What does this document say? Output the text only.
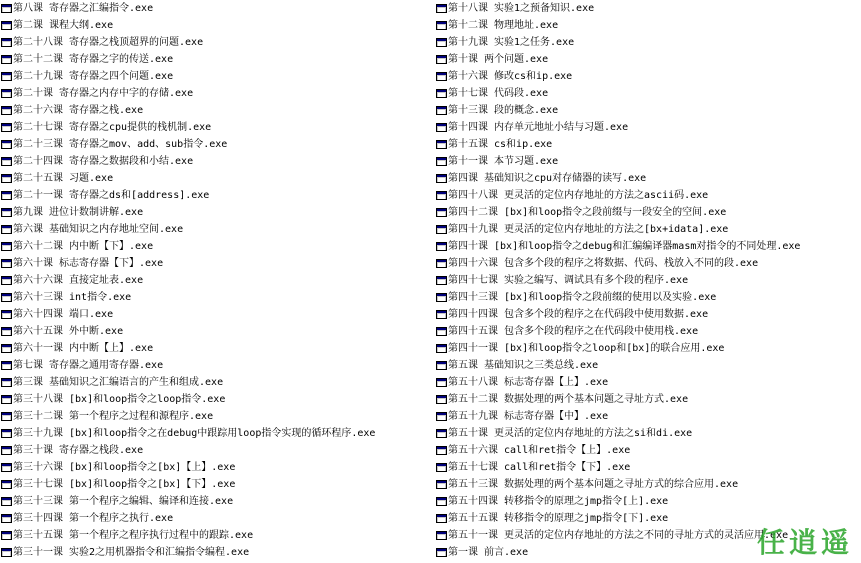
第八课 寄存器之汇编指令.exe
第二课 课程大纲.exe
第二十八课 寄存器之栈顶超界的问题.exe
第二十二课 寄存器之字的传送.exe
第二十九课 寄存器之四个问题.exe
第二十课 寄存器之内存中字的存储.exe
第二十六课 寄存器之栈.exe
第二十七课 寄存器之cpu提供的栈机制.exe
第二十三课 寄存器之mov、add、sub指令.exe
第二十四课 寄存器之数据段和小结.exe
第二十五课 习题.exe
第二十一课 寄存器之ds和[address].exe
第九课 进位计数制讲解.exe
第六课 基础知识之内存地址空间.exe
第六十二课 内中断【下】.exe
第六十课 标志寄存器【下】.exe
第六十六课 直接定址表.exe
第六十三课 int指令.exe
第六十四课 端口.exe
第六十五课 外中断.exe
第六十一课 内中断【上】.exe
第七课 寄存器之通用寄存器.exe
第三课 基础知识之汇编语言的产生和组成.exe
第三十八课 [bx]和loop指令之loop指令.exe
第三十二课 第一个程序之过程和源程序.exe
第三十九课 [bx]和loop指令之在debug中跟踪用loop指令实现的循环程序.exe
第三十课 寄存器之栈段.exe
第三十六课 [bx]和loop指令之[bx]【上】.exe
第三十七课 [bx]和loop指令之[bx]【下】.exe
第三十三课 第一个程序之编辑、编译和连接.exe
第三十四课 第一个程序之执行.exe
第三十五课 第一个程序之程序执行过程中的跟踪.exe
第三十一课 实验2之用机器指令和汇编指令编程.exe
第十八课 实验1之预备知识.exe
第十二课 物理地址.exe
第十九课 实验1之任务.exe
第十课 两个问题.exe
第十六课 修改cs和ip.exe
第十七课 代码段.exe
第十三课 段的概念.exe
第十四课 内存单元地址小结与习题.exe
第十五课 cs和ip.exe
第十一课 本节习题.exe
第四课 基础知识之cpu对存储器的读写.exe
第四十八课 更灵活的定位内存地址的方法之ascii码.exe
第四十二课 [bx]和loop指令之段前缀与一段安全的空间.exe
第四十九课 更灵活的定位内存地址的方法之[bx+idata].exe
第四十课 [bx]和loop指令之debug和汇编编译器masm对指令的不同处理.exe
第四十六课 包含多个段的程序之将数据、代码、栈放入不同的段.exe
第四十七课 实验之编写、调试具有多个段的程序.exe
第四十三课 [bx]和loop指令之段前缀的使用以及实验.exe
第四十四课 包含多个段的程序之在代码段中使用数据.exe
第四十五课 包含多个段的程序之在代码段中使用栈.exe
第四十一课 [bx]和loop指令之loop和[bx]的联合应用.exe
第五课 基础知识之三类总线.exe
第五十八课 标志寄存器【上】.exe
第五十二课 数据处理的两个基本问题之寻址方式.exe
第五十九课 标志寄存器【中】.exe
第五十课 更灵活的定位内存地址的方法之si和di.exe
第五十六课 call和ret指令【上】.exe
第五十七课 call和ret指令【下】.exe
第五十三课 数据处理的两个基本问题之寻址方式的综合应用.exe
第五十四课 转移指令的原理之jmp指令[上].exe
第五十五课 转移指令的原理之jmp指令[下].exe
第五十一课 更灵活的定位内存地址的方法之不同的寻址方式的灵活应用.exe
第一课 前言.exe	任逍遥
